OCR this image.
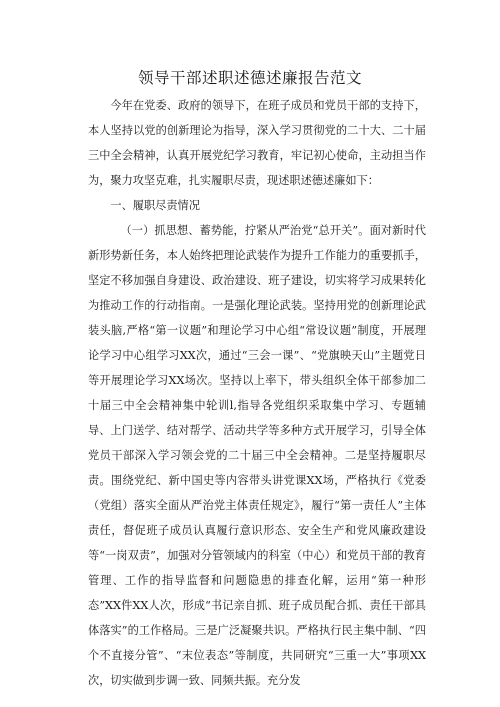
领导干部述职述德述廉报告范文

今年在党委、政府的领导下，在班子成员和党员干部的支持下，本人坚持以党的创新理论为指导，深入学习贯彻党的二十大、二十届三中全会精神，认真开展党纪学习教育，牢记初心使命，主动担当作为，聚力攻坚克难，扎实履职尽责，现述职述德述廉如下：

一、履职尽责情况

（一）抓思想、蓄势能，拧紧从严治党“总开关”。面对新时代新形势新任务，本人始终把理论武装作为提升工作能力的重要抓手，坚定不移加强自身建设、政治建设、班子建设，切实将学习成果转化为推动工作的行动指南。一是强化理论武装。坚持用党的创新理论武装头脑,严格“第一议题”和理论学习中心组“常设议题”制度，开展理论学习中心组学习XX次，通过“三会一课”、“党旗映天山”主题党日等开展理论学习XX场次。坚持以上率下，带头组织全体干部参加二十届三中全会精神集中轮训l,指导各党组织采取集中学习、专题辅导、上门送学、结对帮学、活动共学等多种方式开展学习，引导全体党员干部深入学习领会党的二十届三中全会精神。二是坚持履职尽责。围绕党纪、新中国史等内容带头讲党课XX场，严格执行《党委（党组）落实全面从严治党主体责任规定》，履行“第一责任人”主体责任，督促班子成员认真履行意识形态、安全生产和党风廉政建设等“一岗双责”，加强对分管领域内的科室（中心）和党员干部的教育管理、工作的指导监督和问题隐患的排查化解，运用“第一种形态”XX件XX人次，形成“书记亲自抓、班子成员配合抓、责任干部具体落实”的工作格局。三是广泛凝聚共识。严格执行民主集中制、“四个不直接分管”、“末位表态”等制度，共同研究“三重一大”事项XX次，切实做到步调一致、同频共振。充分发
